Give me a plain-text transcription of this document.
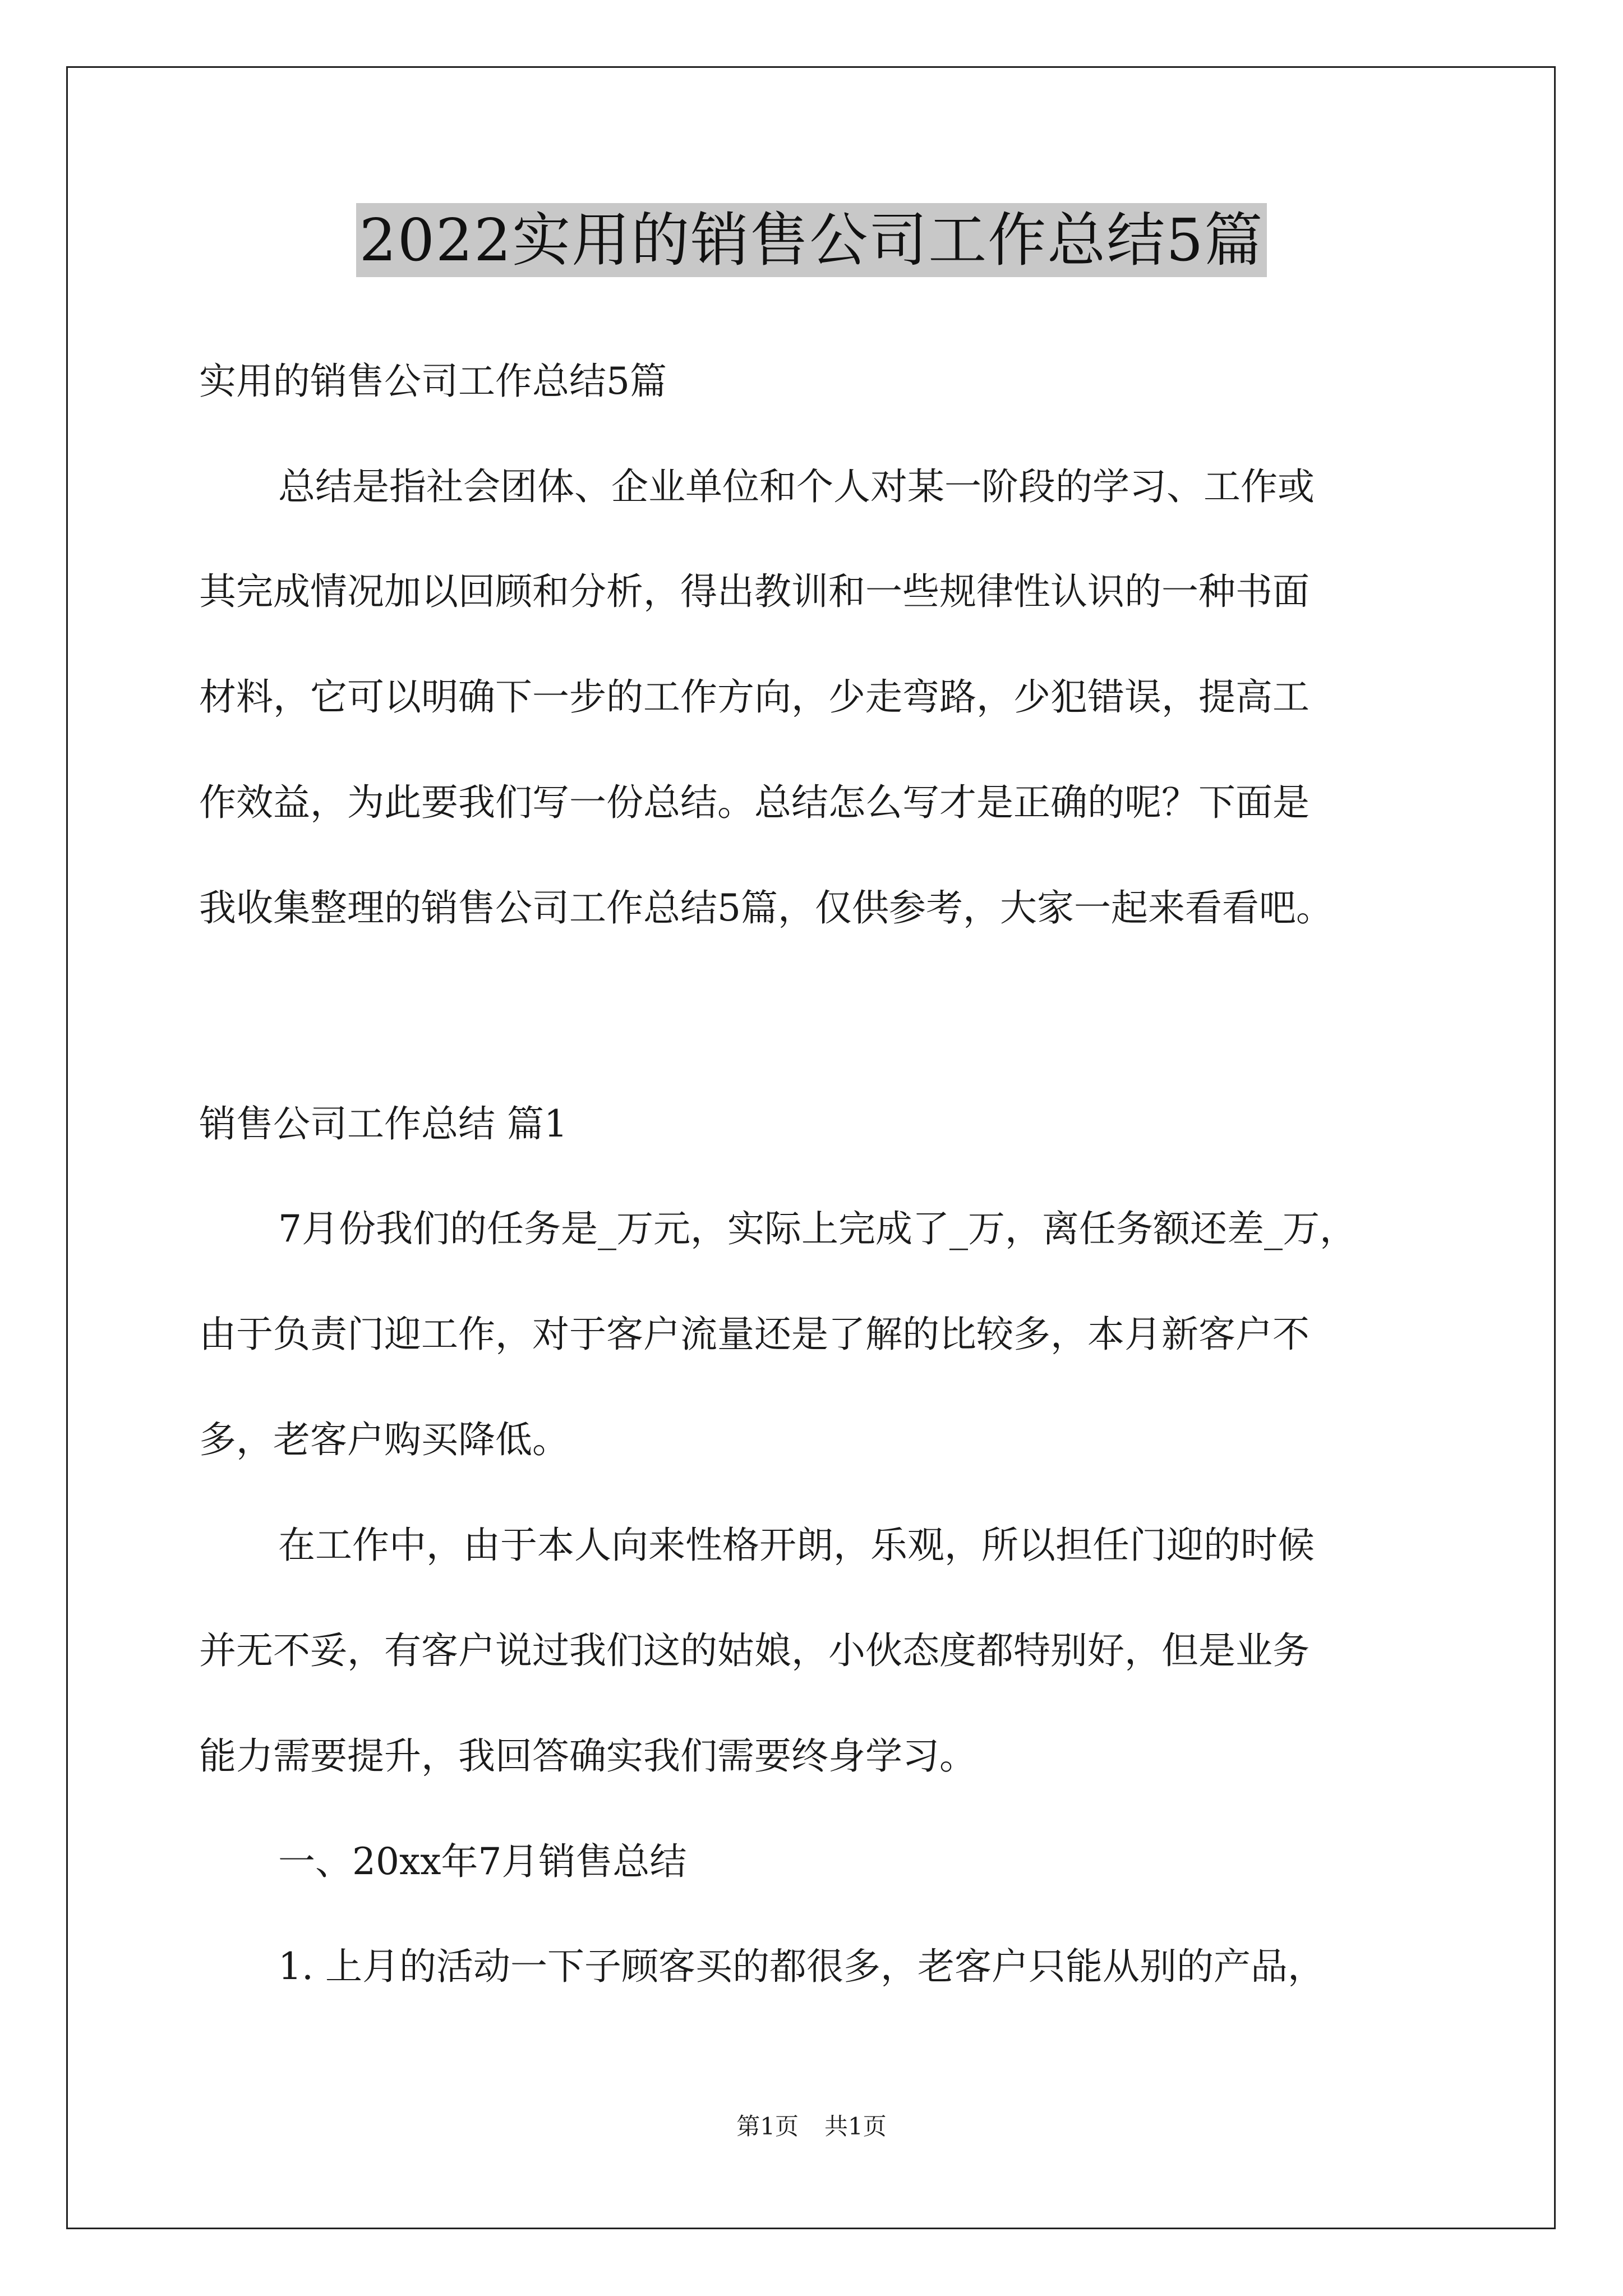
2022实用的销售公司工作总结5篇
实用的销售公司工作总结5篇
总结是指社会团体、企业单位和个人对某一阶段的学习、工作或
其完成情况加以回顾和分析，得出教训和一些规律性认识的一种书面
材料，它可以明确下一步的工作方向，少走弯路，少犯错误，提高工
作效益，为此要我们写一份总结。总结怎么写才是正确的呢？下面是
我收集整理的销售公司工作总结5篇，仅供参考，大家一起来看看吧。
销售公司工作总结 篇1
7月份我们的任务是_万元，实际上完成了_万，离任务额还差_万，
由于负责门迎工作，对于客户流量还是了解的比较多，本月新客户不
多，老客户购买降低。
在工作中，由于本人向来性格开朗，乐观，所以担任门迎的时候
并无不妥，有客户说过我们这的姑娘，小伙态度都特别好，但是业务
能力需要提升，我回答确实我们需要终身学习。
一、20xx年7月销售总结
1. 上月的活动一下子顾客买的都很多，老客户只能从别的产品，
第1页 共1页
